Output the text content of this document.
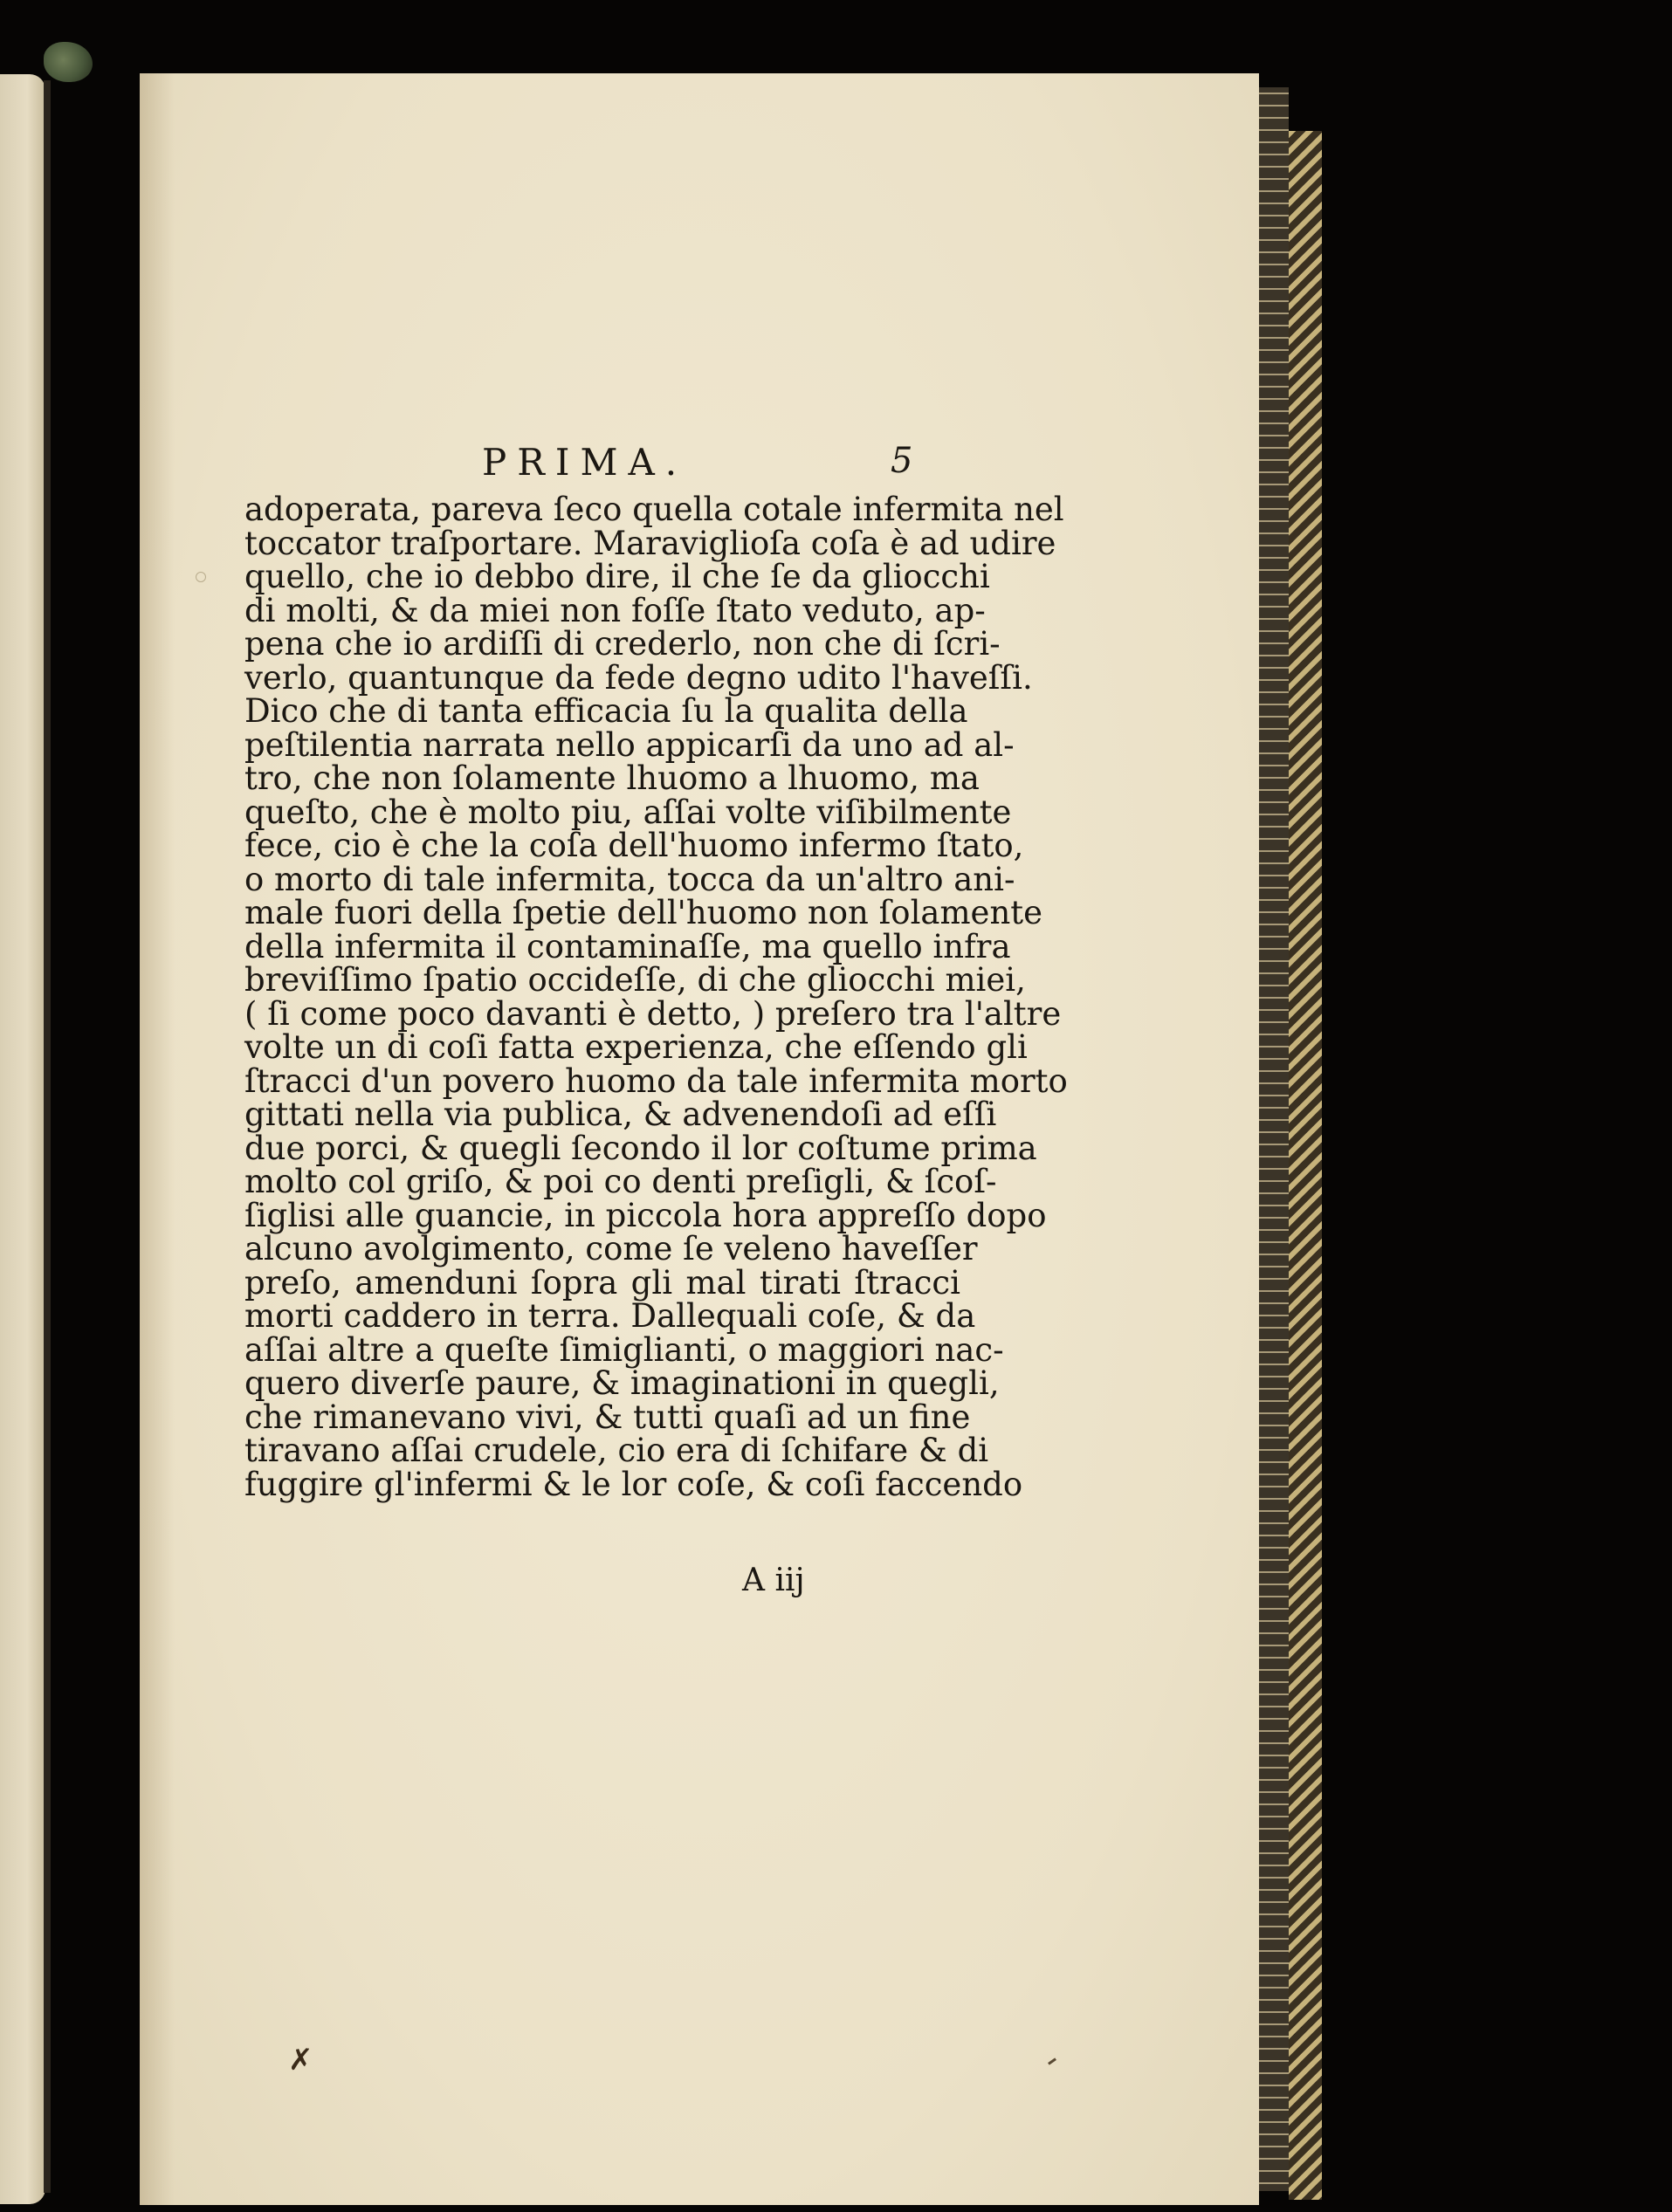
PRIMA.	5
adoperata, pareva ſeco quella cotale infermita nel
toccator traſportare. Maraviglioſa coſa è ad udire
quello, che io debbo dire, il che ſe da gliocchi
di molti, & da miei non foſſe ſtato veduto, ap-
pena che io ardiſſi di crederlo, non che di ſcri-
verlo, quantunque da fede degno udito l'haveſſi.
Dico che di tanta efficacia ſu la qualita della
peſtilentia narrata nello appicarſi da uno ad al-
tro, che non ſolamente lhuomo a lhuomo, ma
queſto, che è molto piu, aſſai volte viſibilmente
fece, cio è che la coſa dell'huomo infermo ſtato,
o morto di tale infermita, tocca da un'altro ani-
male fuori della ſpetie dell'huomo non ſolamente
della infermita il contaminaſſe, ma quello infra
breviſſimo ſpatio occideſſe, di che gliocchi miei,
( ſi come poco davanti è detto, ) preſero tra l'altre
volte un di coſi fatta experienza, che eſſendo gli
ſtracci d'un povero huomo da tale infermita morto
gittati nella via publica, & advenendoſi ad eſſi
due porci, & quegli ſecondo il lor coſtume prima
molto col griſo, & poi co denti preſigli, & ſcoſ-
ſiglisi alle guancie, in piccola hora appreſſo dopo
alcuno avolgimento, come ſe veleno haveſſer
preſo, amenduni ſopra gli mal tirati ſtracci
morti caddero in terra. Dallequali coſe, & da
aſſai altre a queſte ſimiglianti, o maggiori nac-
quero diverſe paure, & imaginationi in quegli,
che rimanevano vivi, & tutti quaſi ad un fine
tiravano aſſai crudele, cio era di ſchifare & di
fuggire gl'infermi & le lor coſe, & coſi faccendo
A iij
✗
